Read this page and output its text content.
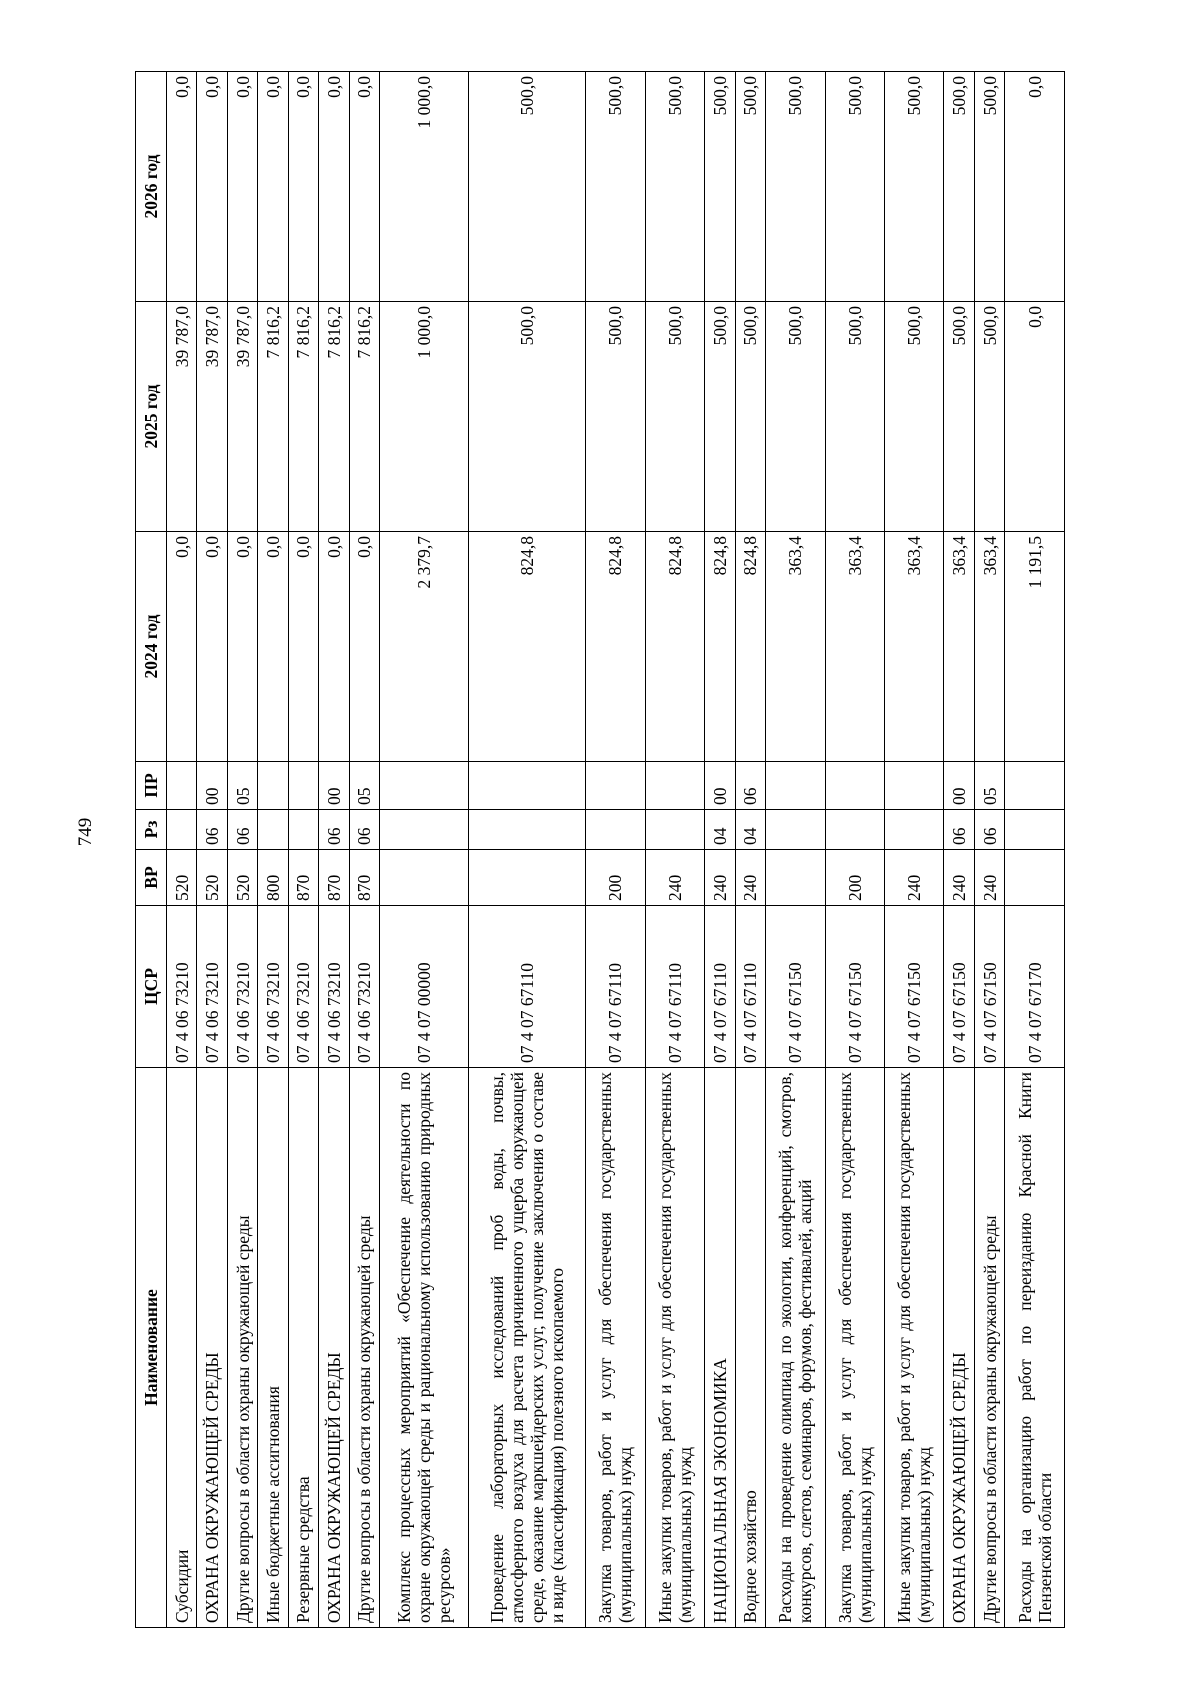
749
Наименование	ЦСР	ВР	Рз	ПР	2024 год	2025 год	2026 год
Субсидии	07 4 06 73210	520			0,0	39 787,0	0,0
ОХРАНА ОКРУЖАЮЩЕЙ СРЕДЫ	07 4 06 73210	520	06	00	0,0	39 787,0	0,0
Другие вопросы в области охраны окружающей среды	07 4 06 73210	520	06	05	0,0	39 787,0	0,0
Иные бюджетные ассигнования	07 4 06 73210	800			0,0	7 816,2	0,0
Резервные средства	07 4 06 73210	870			0,0	7 816,2	0,0
ОХРАНА ОКРУЖАЮЩЕЙ СРЕДЫ	07 4 06 73210	870	06	00	0,0	7 816,2	0,0
Другие вопросы в области охраны окружающей среды	07 4 06 73210	870	06	05	0,0	7 816,2	0,0
Комплекс процессных мероприятий «Обеспечение деятельности по охране окружающей среды и рациональному использованию природных ресурсов»	07 4 07 00000				2 379,7	1 000,0	1 000,0
Проведение лабораторных исследований проб воды, почвы, атмосферного воздуха для расчета причиненного ущерба окружающей среде, оказание маркшейдерских услуг, получение заключения о составе и виде (классификация) полезного ископаемого	07 4 07 67110				824,8	500,0	500,0
Закупка товаров, работ и услуг для обеспечения государственных (муниципальных) нужд	07 4 07 67110	200			824,8	500,0	500,0
Иные закупки товаров, работ и услуг для обеспечения государственных (муниципальных) нужд	07 4 07 67110	240			824,8	500,0	500,0
НАЦИОНАЛЬНАЯ ЭКОНОМИКА	07 4 07 67110	240	04	00	824,8	500,0	500,0
Водное хозяйство	07 4 07 67110	240	04	06	824,8	500,0	500,0
Расходы на проведение олимпиад по экологии, конференций, смотров, конкурсов, слетов, семинаров, форумов, фестивалей, акций	07 4 07 67150				363,4	500,0	500,0
Закупка товаров, работ и услуг для обеспечения государственных (муниципальных) нужд	07 4 07 67150	200			363,4	500,0	500,0
Иные закупки товаров, работ и услуг для обеспечения государственных (муниципальных) нужд	07 4 07 67150	240			363,4	500,0	500,0
ОХРАНА ОКРУЖАЮЩЕЙ СРЕДЫ	07 4 07 67150	240	06	00	363,4	500,0	500,0
Другие вопросы в области охраны окружающей среды	07 4 07 67150	240	06	05	363,4	500,0	500,0
Расходы на организацию работ по переизданию Красной Книги Пензенской области	07 4 07 67170				1 191,5	0,0	0,0
